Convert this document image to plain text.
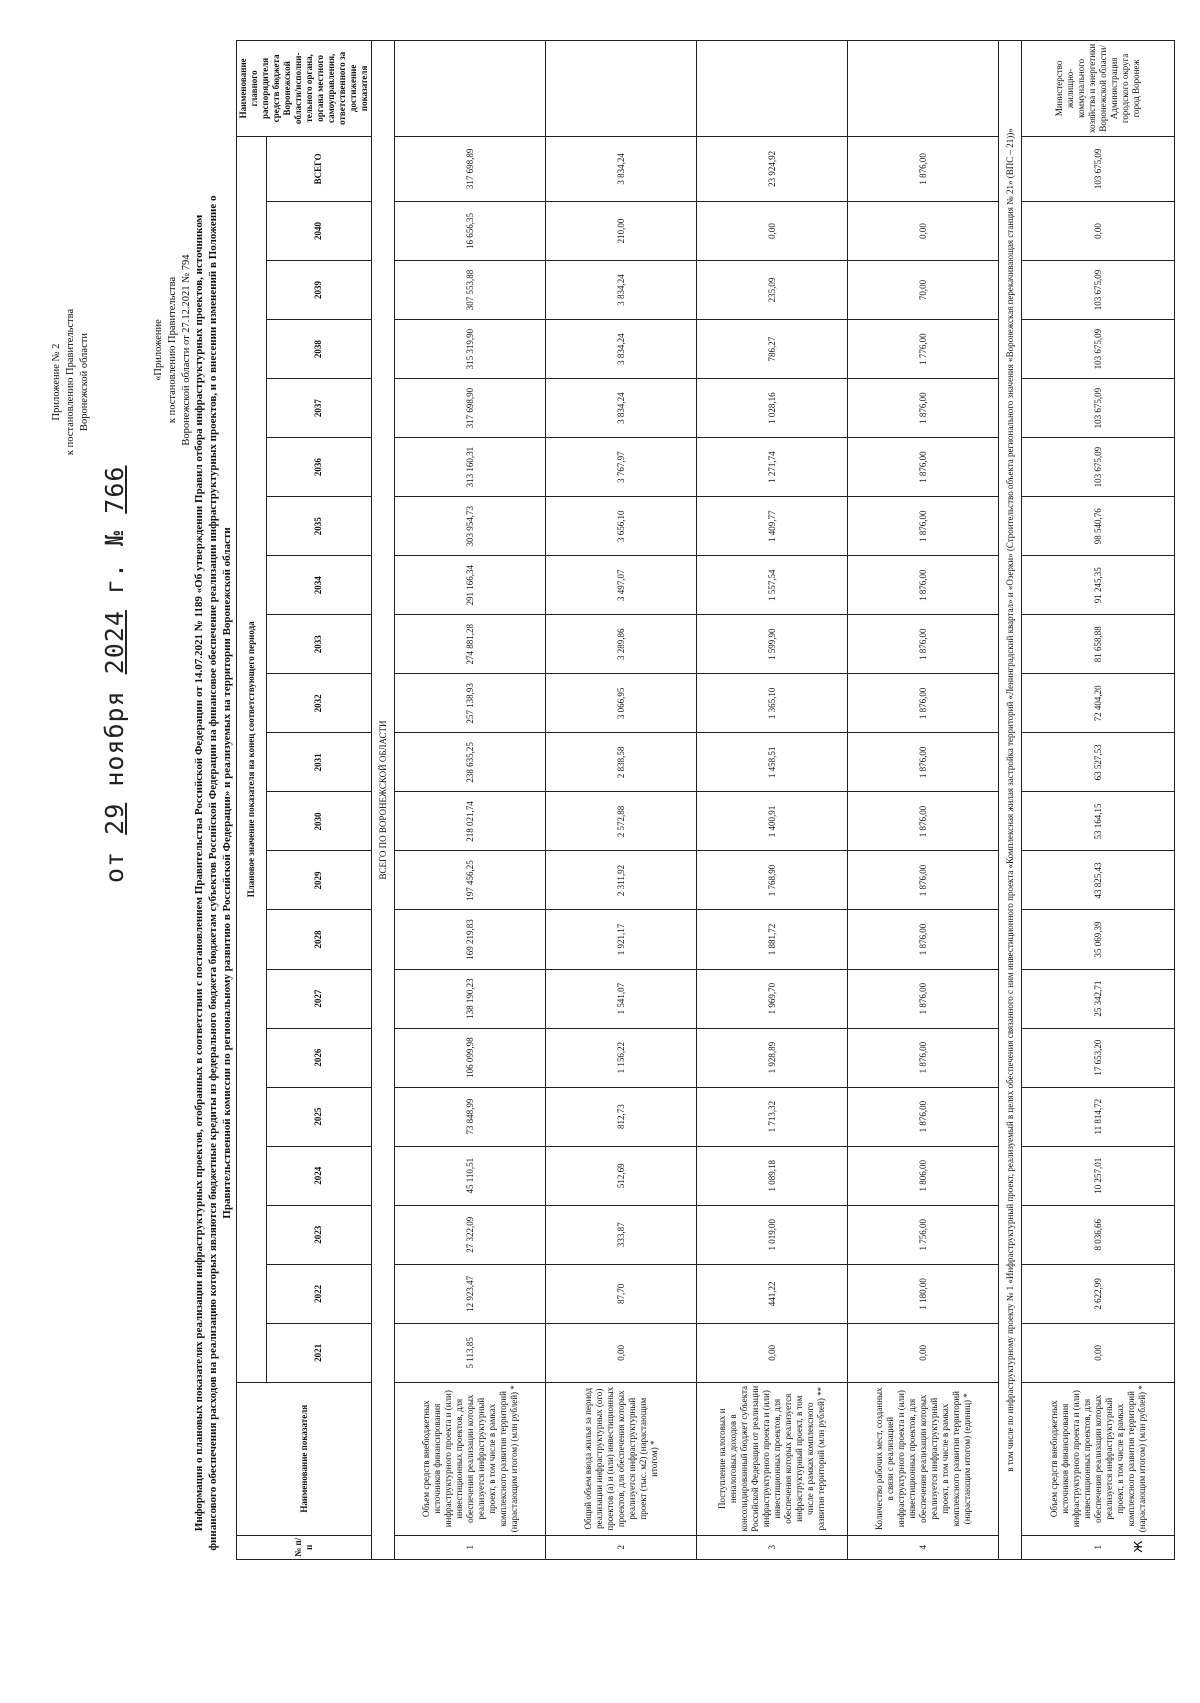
ж
Приложение № 2 к постановлению Правительства Воронежской области
от 29 ноября 2024 г. № 766
«Приложение к постановлению Правительства Воронежской области от 27.12.2021 № 794 Информация о плановых показателях реализации инфраструктурных проектов, отобранных в соответствии с постановлением Правительства Российской Федерации от 14.07.2021 № 1189 «Об утверждении Правил отбора инфраструктурных проектов, источником финансового обеспечения расходов на реализацию которых являются бюджетные кредиты из федерального бюджета бюджетам субъектов Российской Федерации на финансовое обеспечение реализации инфраструктурных проектов, и о внесении изменений в Положение о Правительственной комиссии по региональному развитию в Российской Федерации» и реализуемых на территории Воронежской области
№ п/п	Наименование показателя	Плановое значение показателя на конец соответствующего периода																					Наименование главного распорядителя средств бюджета Воронежской области/исполни-тельного органа, органа местного самоуправления, ответственного за достижение показателя
		2021	2022	2023	2024	2025	2026	2027	2028	2029	2030	2031	2032	2033	2034	2035	2036	2037	2038	2039	2040	ВСЕГО	
ВСЕГО ПО ВОРОНЕЖСКОЙ ОБЛАСТИ																							
1	Объем средств внебюджетных источников финансирования инфраструктурного проекта и (или) инвестиционных проектов, для обеспечения реализации которых реализуется инфраструктурный проект, в том числе в рамках комплексного развития территорий (нарастающим итогом) (млн рублей) *	5 113,85	12 923,47	27 322,09	45 110,51	73 848,99	106 099,98	138 190,23	169 219,83	197 456,25	218 021,74	238 635,25	257 138,93	274 881,28	291 166,34	303 954,73	313 160,31	317 698,90	315 319,90	307 553,88	16 656,35	317 698,89	
2	Общий объем ввода жилья за период реализации инфраструктурных (ого) проектов (а) и (или) инвестиционных проектов, для обеспечения которых реализуется инфраструктурный проект (тыс. м2) (нарастающим итогом) *	0,00	87,70	333,87	512,69	812,73	1 156,22	1 541,07	1 921,17	2 311,92	2 572,88	2 838,58	3 066,95	3 289,86	3 497,07	3 656,10	3 767,97	3 834,24	3 834,24	3 834,24	210,00	3 834,24	
3	Поступление налоговых и неналоговых доходов в консолидированный бюджет субъекта Российской Федерации от реализации инфраструктурного проекта и (или) инвестиционных проектов, для обеспечения которых реализуется инфраструктурный проект, в том числе в рамках комплексного развития территорий (млн рублей) **	0,00	441,22	1 019,00	1 089,18	1 713,32	1 928,89	1 969,70	1 881,72	1 768,90	1 400,91	1 458,51	1 365,10	1 599,90	1 557,54	1 409,77	1 271,74	1 028,16	786,27	235,09	0,00	23 924,92	
4	Количество рабочих мест, созданных в связи с реализацией инфраструктурного проекта и (или) инвестиционных проектов, для обеспечения реализации которых реализуется инфраструктурный проект, в том числе в рамках комплексного развития территорий (нарастающим итогом) (единиц) *	0,00	1 180,00	1 756,00	1 806,00	1 876,00	1 876,00	1 876,00	1 876,00	1 876,00	1 876,00	1 876,00	1 876,00	1 876,00	1 876,00	1 876,00	1 876,00	1 876,00	1 776,00	70,00	0,00	1 876,00	
в том числе по инфраструктурному проекту № 1 «Инфраструктурный проект, реализуемый в целях обеспечения связанного с ним инвестиционного проекта «Комплексная жилая застройка территорий «Ленинградский квартал» и «Озерки» (Строительство объекта регионального значения «Воронежская перекачивающая станция № 21» (ВПС – 21))»																							
1	Объем средств внебюджетных источников финансирования инфраструктурного проекта и (или) инвестиционных проектов, для обеспечения реализации которых реализуется инфраструктурный проект, в том числе в рамках комплексного развития территорий (нарастающим итогом) (млн рублей) *	0,00	2 622,99	8 036,66	10 257,01	11 814,72	17 653,20	25 342,71	35 069,39	43 825,43	53 164,15	63 527,53	72 404,20	81 658,88	91 245,35	98 540,76	103 675,09	103 675,09	103 675,09	103 675,09	0,00	103 675,09	Министерство жилищно-коммунального хозяйства и энергетики Воронежской области/ Администрация городского округа город Воронеж
